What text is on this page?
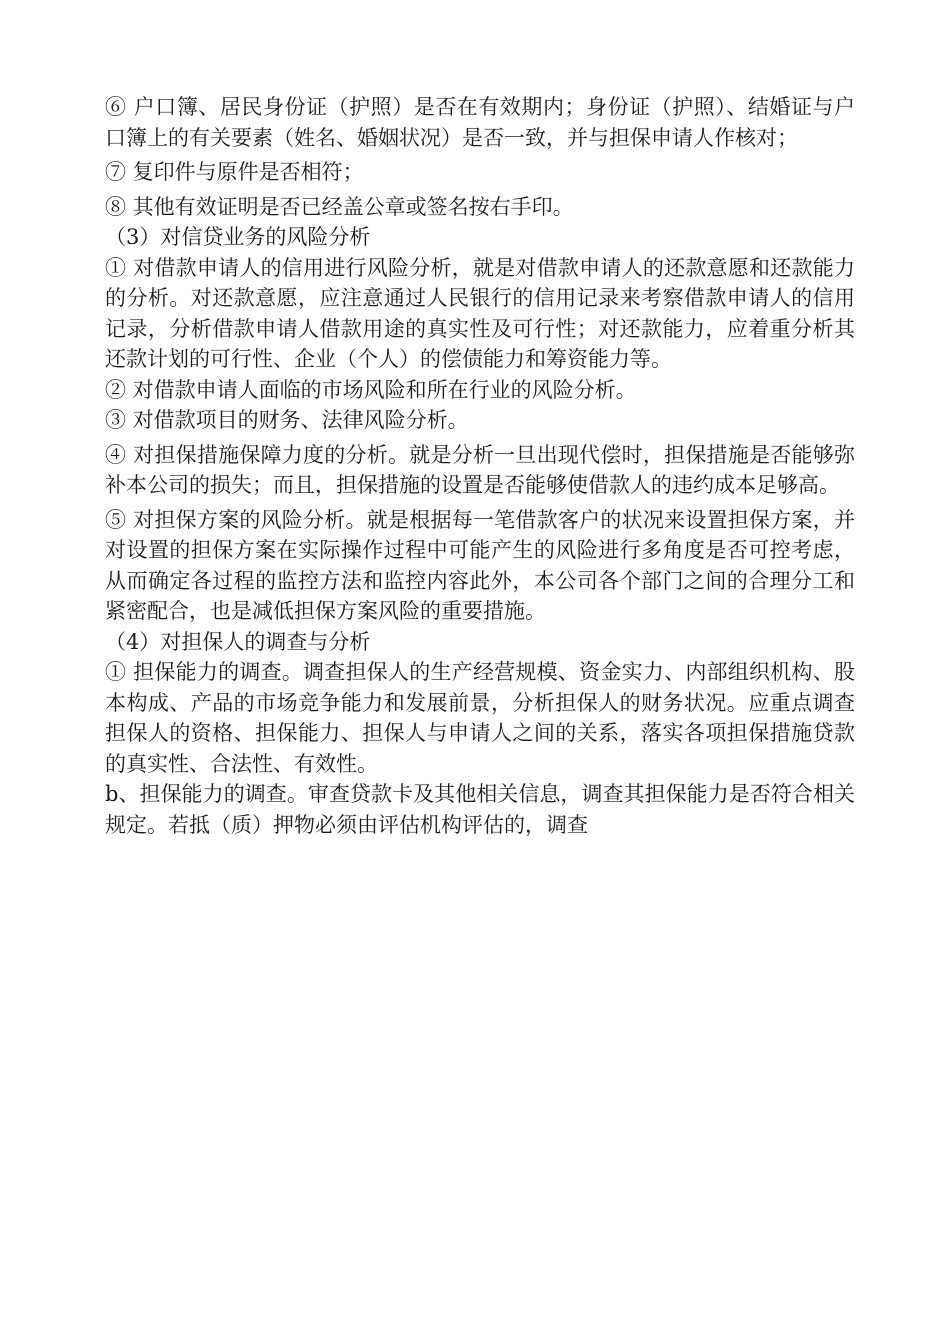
⑥ 户口簿、居民身份证（护照）是否在有效期内；身份证（护照）、结婚证与户口簿上的有关要素（姓名、婚姻状况）是否一致，并与担保申请人作核对；

⑦ 复印件与原件是否相符；

⑧ 其他有效证明是否已经盖公章或签名按右手印。

（3）对信贷业务的风险分析

① 对借款申请人的信用进行风险分析，就是对借款申请人的还款意愿和还款能力的分析。对还款意愿，应注意通过人民银行的信用记录来考察借款申请人的信用记录，分析借款申请人借款用途的真实性及可行性；对还款能力，应着重分析其还款计划的可行性、企业（个人）的偿债能力和筹资能力等。

② 对借款申请人面临的市场风险和所在行业的风险分析。

③ 对借款项目的财务、法律风险分析。

④ 对担保措施保障力度的分析。就是分析一旦出现代偿时，担保措施是否能够弥补本公司的损失；而且，担保措施的设置是否能够使借款人的违约成本足够高。

⑤ 对担保方案的风险分析。就是根据每一笔借款客户的状况来设置担保方案，并对设置的担保方案在实际操作过程中可能产生的风险进行多角度是否可控考虑，从而确定各过程的监控方法和监控内容此外，本公司各个部门之间的合理分工和紧密配合，也是减低担保方案风险的重要措施。

（4）对担保人的调查与分析

① 担保能力的调查。调查担保人的生产经营规模、资金实力、内部组织机构、股本构成、产品的市场竞争能力和发展前景，分析担保人的财务状况。应重点调查担保人的资格、担保能力、担保人与申请人之间的关系，落实各项担保措施贷款的真实性、合法性、有效性。

b、担保能力的调查。审查贷款卡及其他相关信息，调查其担保能力是否符合相关规定。若抵（质）押物必须由评估机构评估的，调查
